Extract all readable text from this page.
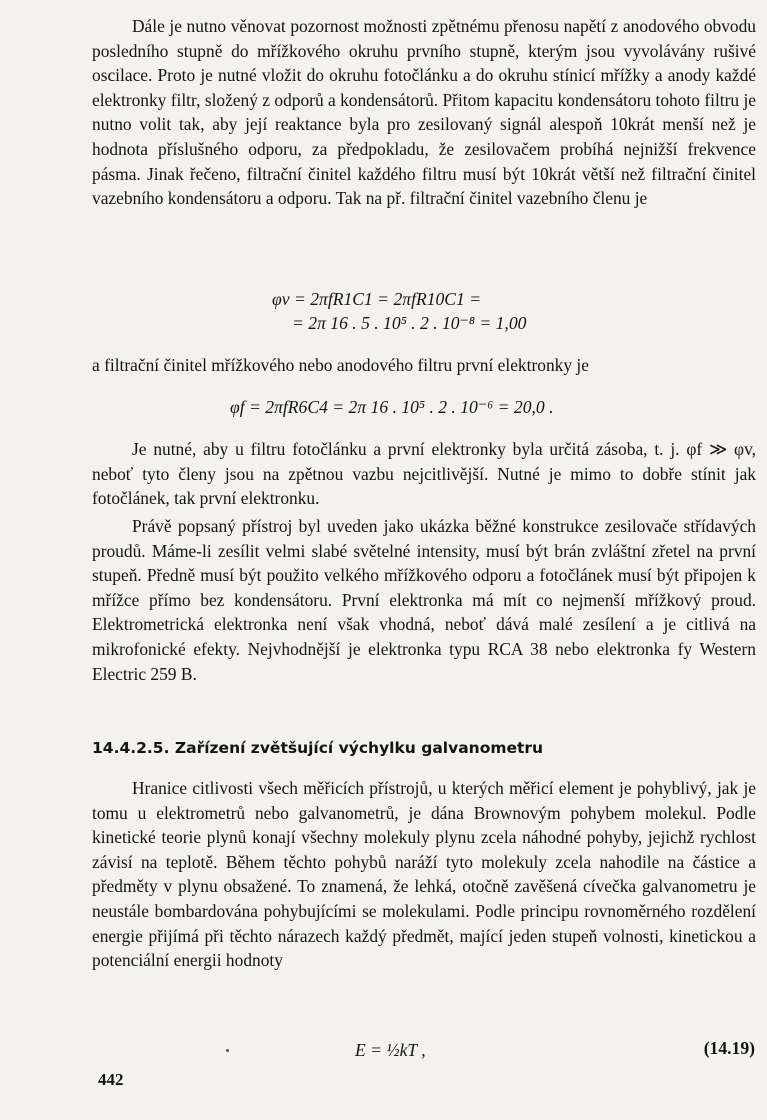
Dále je nutno věnovat pozornost možnosti zpětnému přenosu napětí z anodového obvodu posledního stupně do mřížkového okruhu prvního stupně, kterým jsou vyvolávány rušivé oscilace. Proto je nutné vložit do okruhu fotočlánku a do okruhu stínicí mřížky a anody každé elektronky filtr, složený z odporů a kondensátorů. Přitom kapacitu kondensátoru tohoto filtru je nutno volit tak, aby její reaktance byla pro zesilovaný signál alespoň 10krát menší než je hodnota příslušného odporu, za předpokladu, že zesilovačem probíhá nejnižší frekvence pásma. Jinak řečeno, filtrační činitel každého filtru musí být 10krát větší než filtrační činitel vazebního kondensátoru a odporu. Tak na př. filtrační činitel vazebního členu je

φv = 2πfR1C1 = 2πfR10C1 =
= 2π 16 . 5 . 10⁵ . 2 . 10⁻⁸ = 1,00

a filtrační činitel mřížkového nebo anodového filtru první elektronky je

φf = 2πfR6C4 = 2π 16 . 10⁵ . 2 . 10⁻⁶ = 20,0 .

Je nutné, aby u filtru fotočlánku a první elektronky byla určitá zásoba, t. j. φf ≫ φv, neboť tyto členy jsou na zpětnou vazbu nejcitlivější. Nutné je mimo to dobře stínit jak fotočlánek, tak první elektronku.

Právě popsaný přístroj byl uveden jako ukázka běžné konstrukce zesilovače střídavých proudů. Máme-li zesílit velmi slabé světelné intensity, musí být brán zvláštní zřetel na první stupeň. Předně musí být použito velkého mřížkového odporu a fotočlánek musí být připojen k mřížce přímo bez kondensátoru. První elektronka má mít co nejmenší mřížkový proud. Elektrometrická elektronka není však vhodná, neboť dává malé zesílení a je citlivá na mikrofonické efekty. Nejvhodnější je elektronka typu RCA 38 nebo elektronka fy Western Electric 259 B.

14.4.2.5. Zařízení zvětšující výchylku galvanometru

Hranice citlivosti všech měřicích přístrojů, u kterých měřicí element je pohyblivý, jak je tomu u elektrometrů nebo galvanometrů, je dána Brownovým pohybem molekul. Podle kinetické teorie plynů konají všechny molekuly plynu zcela náhodné pohyby, jejichž rychlost závisí na teplotě. Během těchto pohybů naráží tyto molekuly zcela nahodile na částice a předměty v plynu obsažené. To znamená, že lehká, otočně zavěšená cívečka galvanometru je neustále bombardována pohybujícími se molekulami. Podle principu rovnoměrného rozdělení energie přijímá při těchto nárazech každý předmět, mající jeden stupeň volnosti, kinetickou a potenciální energii hodnoty

E = ½kT ,	(14.19)
442
